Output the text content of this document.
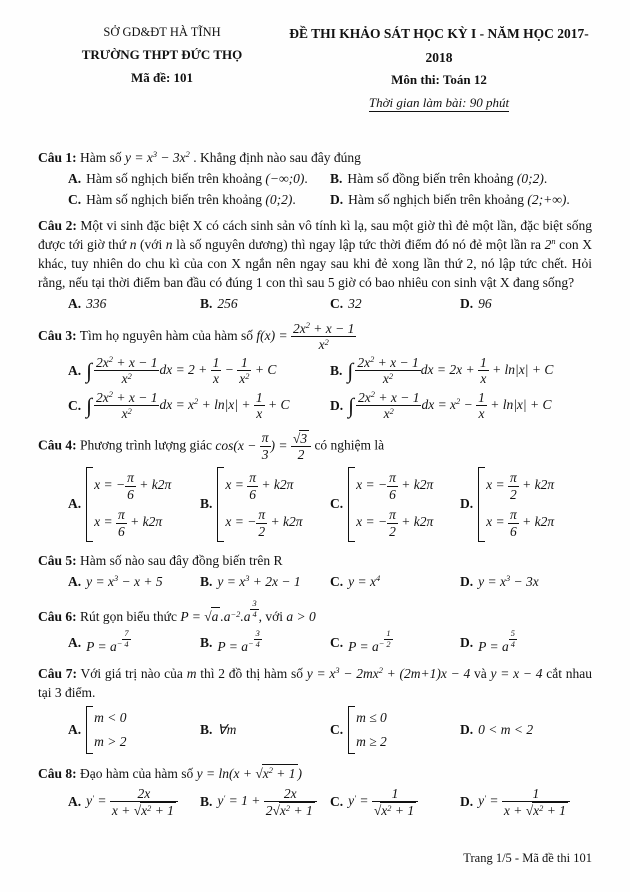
SỞ GD&ĐT HÀ TĨNH
TRƯỜNG THPT ĐỨC THỌ
Mã đề: 101
ĐỀ THI KHẢO SÁT HỌC KỲ I - NĂM HỌC 2017-2018
Môn thi: Toán 12
Thời gian làm bài: 90 phút
Câu 1: Hàm số y = x3 − 3x2 . Khẳng định nào sau đây đúng
A. Hàm số nghịch biến trên khoảng (−∞;0). B. Hàm số đồng biến trên khoảng (0;2).
C. Hàm số nghịch biến trên khoảng (0;2).	D. Hàm số nghịch biến trên khoảng (2;+∞).
Câu 2: Một vi sinh đặc biệt X có cách sinh sản vô tính kì lạ, sau một giờ thì đẻ một lần, đặc biệt sống được tới giờ thứ n (với n là số nguyên dương) thì ngay lập tức thời điểm đó nó đẻ một lần ra 2n con X khác, tuy nhiên do chu kì của con X ngắn nên ngay sau khi đẻ xong lần thứ 2, nó lập tức chết. Hỏi rằng, nếu tại thời điểm ban đầu có đúng 1 con thì sau 5 giờ có bao nhiêu con sinh vật X đang sống?
A. 336	B. 256	C. 32	D. 96
Câu 3: Tìm họ nguyên hàm của hàm số $f(x) = \frac{2x2 + x - 1}{x2}$
A. ∫ $\frac{2x2 + x - 1}{x2}$ dx = $2 + \frac{1}{x} - \frac{1}{x2} + C$	B. ∫ $\frac{2x2 + x - 1}{x2}$ dx = $2x + \frac{1}{x} + \ln|x| + C$
C. ∫ $\frac{2x2 + x - 1}{x2}$ dx = $x2 + \ln|x| + \frac{1}{x} + C$	D. ∫ $\frac{2x2 + x - 1}{x2}$ dx = $x2 - \frac{1}{x} + \ln|x| + C$
Câu 4: Phương trình lượng giác $\cos(x - \frac{\pi}{3}$ ) = $\frac{√3}{2}$ có nghiệm là
A.
x = − $\frac{\pi}{6} + k2\pi$
$x = \frac{\pi}{6} + k2\pi$
B.
$x = \frac{\pi}{6} + k2\pi$
x = − $\frac{\pi}{2} + k2\pi$
C.
x = − $\frac{\pi}{6} + k2\pi$
x = − $\frac{\pi}{2} + k2\pi$
D.
$x = \frac{\pi}{2} + k2\pi$
$x = \frac{\pi}{6} + k2\pi$
Câu 5: Hàm số nào sau đây đồng biến trên R
A. y = x3 − x + 5	B. y = x3 + 2x − 1 C. y = x4	D. y = x3 − 3x
Câu 6: Rút gọn biểu thức P = √a $.a-2.a \frac{3}{4}$ , với a > 0
A. $P = a- \frac{7}{4}$	B. $P = a- \frac{3}{4}$	C. $P = a- \frac{1}{2}$	D. P = a $\frac{5}{4}$
Câu 7: Với giá trị nào của m thì 2 đồ thị hàm số y = x3 − 2mx2 + (2m+1)x − 4 và y = x − 4 cắt nhau tại 3 điểm.
A.
m < 0
m > 2
B. ∀m	C.
m ≤ 0
m ≥ 2
D. 0 < m < 2
Câu 8: Đạo hàm của hàm số y = ln(x + √x2 + 1 )
A. $y' = \frac{2x}{x + √x2 + 1} B$. $y' = 1 + \frac{2x}{2√x2 + 1} C$. $y' = \frac{1}{√x2 + 1}$	D. $y' = \frac{1}{x + √x2 + 1}$
Trang 1/5 - Mã đề thi 101
